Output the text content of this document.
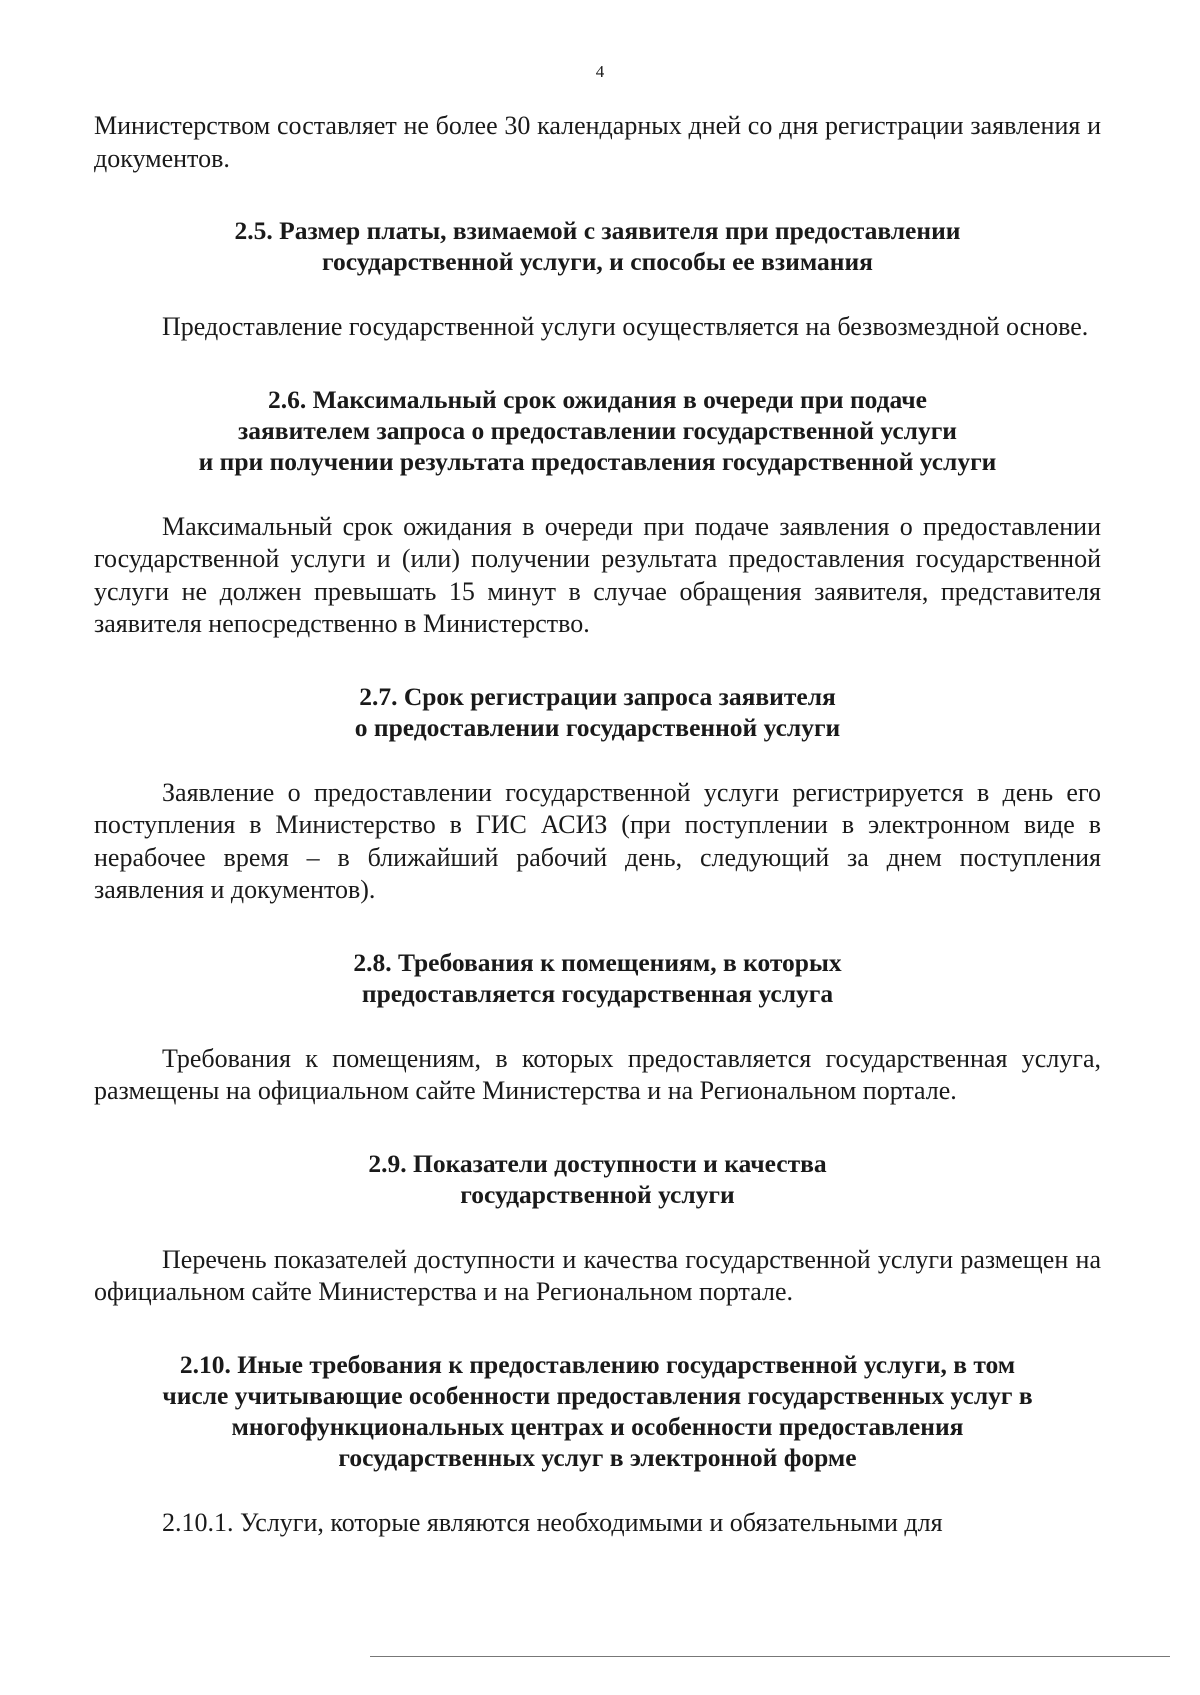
4

Министерством составляет не более 30 календарных дней со дня регистрации заявления и документов.

2.5. Размер платы, взимаемой с заявителя при предоставлении
государственной услуги, и способы ее взимания

Предоставление государственной услуги осуществляется на безвозмездной основе.

2.6. Максимальный срок ожидания в очереди при подаче
заявителем запроса о предоставлении государственной услуги
и при получении результата предоставления государственной услуги

Максимальный срок ожидания в очереди при подаче заявления о предоставлении государственной услуги и (или) получении результата предоставления государственной услуги не должен превышать 15 минут в случае обращения заявителя, представителя заявителя непосредственно в Министерство.

2.7. Срок регистрации запроса заявителя
о предоставлении государственной услуги

Заявление о предоставлении государственной услуги регистрируется в день его поступления в Министерство в ГИС АСИЗ (при поступлении в электронном виде в нерабочее время – в ближайший рабочий день, следующий за днем поступления заявления и документов).

2.8. Требования к помещениям, в которых
предоставляется государственная услуга

Требования к помещениям, в которых предоставляется государственная услуга, размещены на официальном сайте Министерства и на Региональном портале.

2.9. Показатели доступности и качества
государственной услуги

Перечень показателей доступности и качества государственной услуги размещен на официальном сайте Министерства и на Региональном портале.

2.10. Иные требования к предоставлению государственной услуги, в том
числе учитывающие особенности предоставления государственных услуг в
многофункциональных центрах и особенности предоставления
государственных услуг в электронной форме

2.10.1. Услуги, которые являются необходимыми и обязательными для
